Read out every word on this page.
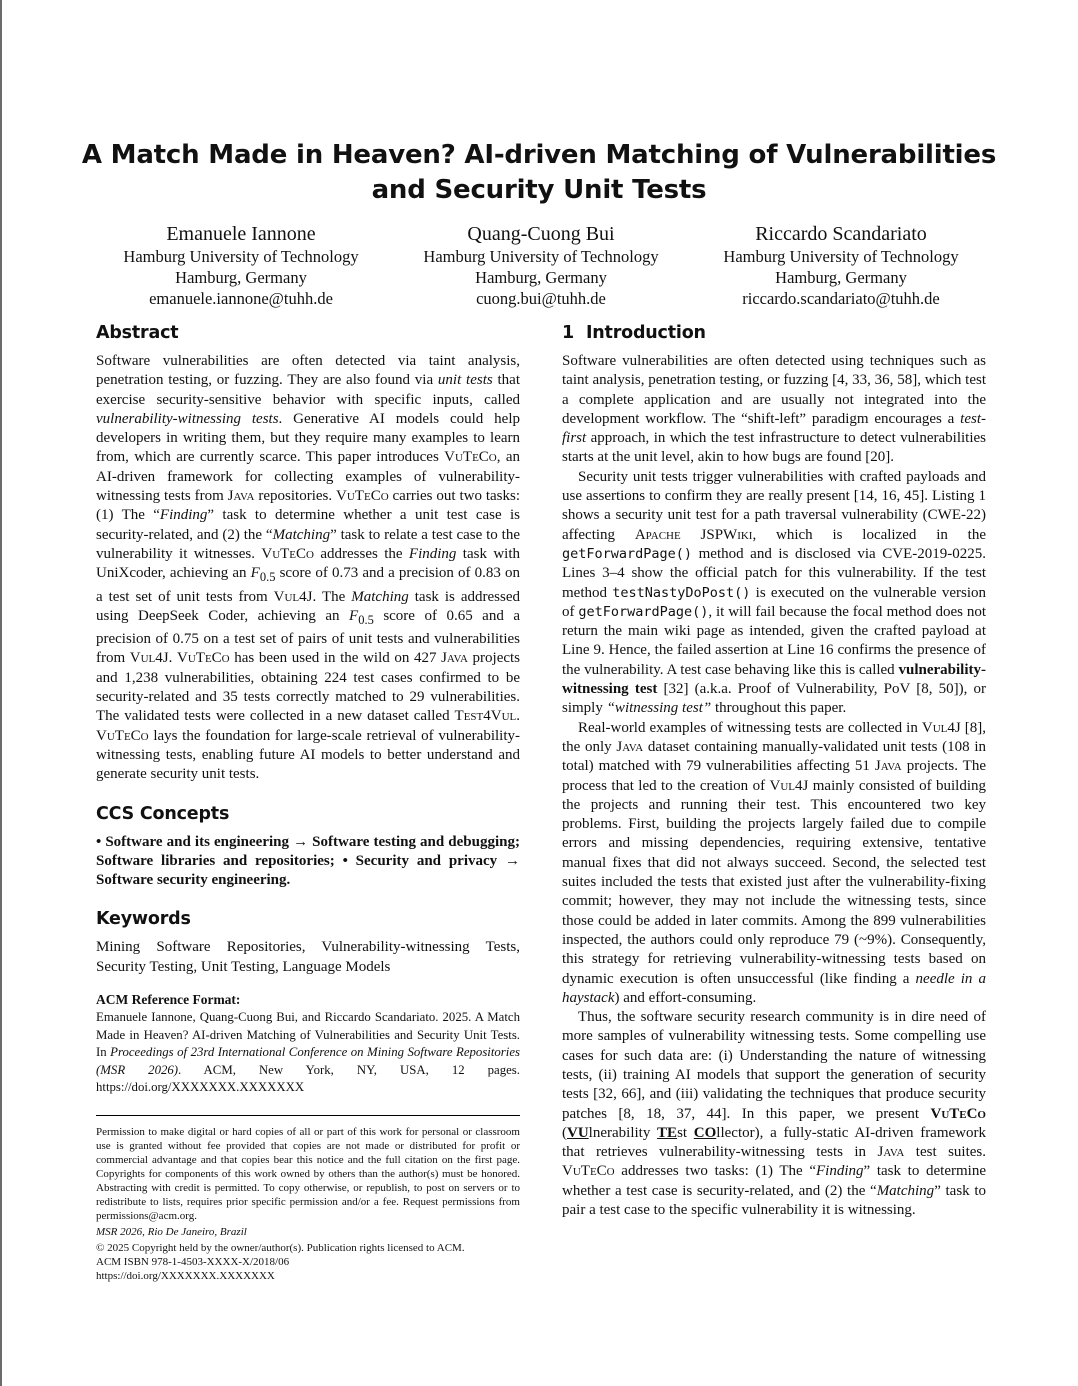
A Match Made in Heaven? AI-driven Matching of Vulnerabilities and Security Unit Tests
Emanuele Iannone
Hamburg University of Technology
Hamburg, Germany
emanuele.iannone@tuhh.de
Quang-Cuong Bui
Hamburg University of Technology
Hamburg, Germany
cuong.bui@tuhh.de
Riccardo Scandariato
Hamburg University of Technology
Hamburg, Germany
riccardo.scandariato@tuhh.de
Abstract

Software vulnerabilities are often detected via taint analysis, penetration testing, or fuzzing. They are also found via unit tests that exercise security-sensitive behavior with specific inputs, called vulnerability-witnessing tests. Generative AI models could help developers in writing them, but they require many examples to learn from, which are currently scarce. This paper introduces VuTeCo, an AI-driven framework for collecting examples of vulnerability-witnessing tests from Java repositories. VuTeCo carries out two tasks: (1) The “Finding” task to determine whether a unit test case is security-related, and (2) the “Matching” task to relate a test case to the vulnerability it witnesses. VuTeCo addresses the Finding task with UniXcoder, achieving an $F_{0.5}$ score of 0.73 and a precision of 0.83 on a test set of unit tests from Vul4J. The Matching task is addressed using DeepSeek Coder, achieving an $F_{0.5}$ score of 0.65 and a precision of 0.75 on a test set of pairs of unit tests and vulnerabilities from Vul4J. VuTeCo has been used in the wild on 427 Java projects and 1,238 vulnerabilities, obtaining 224 test cases confirmed to be security-related and 35 tests correctly matched to 29 vulnerabilities. The validated tests were collected in a new dataset called Test4Vul. VuTeCo lays the foundation for large-scale retrieval of vulnerability-witnessing tests, enabling future AI models to better understand and generate security unit tests.

CCS Concepts

• Software and its engineering → Software testing and debugging; Software libraries and repositories; • Security and privacy → Software security engineering.

Keywords

Mining Software Repositories, Vulnerability-witnessing Tests, Security Testing, Unit Testing, Language Models

ACM Reference Format:

Emanuele Iannone, Quang-Cuong Bui, and Riccardo Scandariato. 2025. A Match Made in Heaven? AI-driven Matching of Vulnerabilities and Security Unit Tests. In Proceedings of 23rd International Conference on Mining Software Repositories (MSR 2026). ACM, New York, NY, USA, 12 pages. https://doi.org/XXXXXXX.XXXXXXX

Permission to make digital or hard copies of all or part of this work for personal or classroom use is granted without fee provided that copies are not made or distributed for profit or commercial advantage and that copies bear this notice and the full citation on the first page. Copyrights for components of this work owned by others than the author(s) must be honored. Abstracting with credit is permitted. To copy otherwise, or republish, to post on servers or to redistribute to lists, requires prior specific permission and/or a fee. Request permissions from permissions@acm.org.

MSR 2026, Rio De Janeiro, Brazil

© 2025 Copyright held by the owner/author(s). Publication rights licensed to ACM.

ACM ISBN 978-1-4503-XXXX-X/2018/06

https://doi.org/XXXXXXX.XXXXXXX

1 Introduction

Software vulnerabilities are often detected using techniques such as taint analysis, penetration testing, or fuzzing [4, 33, 36, 58], which test a complete application and are usually not integrated into the development workflow. The “shift-left” paradigm encourages a test-first approach, in which the test infrastructure to detect vulnerabilities starts at the unit level, akin to how bugs are found [20].

Security unit tests trigger vulnerabilities with crafted payloads and use assertions to confirm they are really present [14, 16, 45]. Listing 1 shows a security unit test for a path traversal vulnerability (CWE-22) affecting Apache JSPWiki, which is localized in the getForwardPage() method and is disclosed via CVE-2019-0225. Lines 3–4 show the official patch for this vulnerability. If the test method testNastyDoPost() is executed on the vulnerable version of getForwardPage(), it will fail because the focal method does not return the main wiki page as intended, given the crafted payload at Line 9. Hence, the failed assertion at Line 16 confirms the presence of the vulnerability. A test case behaving like this is called vulnerability-witnessing test [32] (a.k.a. Proof of Vulnerability, PoV [8, 50]), or simply “witnessing test” throughout this paper.

Real-world examples of witnessing tests are collected in Vul4J [8], the only Java dataset containing manually-validated unit tests (108 in total) matched with 79 vulnerabilities affecting 51 Java projects. The process that led to the creation of Vul4J mainly consisted of building the projects and running their test. This encountered two key problems. First, building the projects largely failed due to compile errors and missing dependencies, requiring extensive, tentative manual fixes that did not always succeed. Second, the selected test suites included the tests that existed just after the vulnerability-fixing commit; however, they may not include the witnessing tests, since those could be added in later commits. Among the 899 vulnerabilities inspected, the authors could only reproduce 79 (~9%). Consequently, this strategy for retrieving vulnerability-witnessing tests based on dynamic execution is often unsuccessful (like finding a needle in a haystack) and effort-consuming.

Thus, the software security research community is in dire need of more samples of vulnerability witnessing tests. Some compelling use cases for such data are: (i) Understanding the nature of witnessing tests, (ii) training AI models that support the generation of security tests [32, 66], and (iii) validating the techniques that produce security patches [8, 18, 37, 44]. In this paper, we present VuTeCo (VUlnerability TEst COllector), a fully-static AI-driven framework that retrieves vulnerability-witnessing tests in Java test suites. VuTeCo addresses two tasks: (1) The “Finding” task to determine whether a test case is security-related, and (2) the “Matching” task to pair a test case to the specific vulnerability it is witnessing.
